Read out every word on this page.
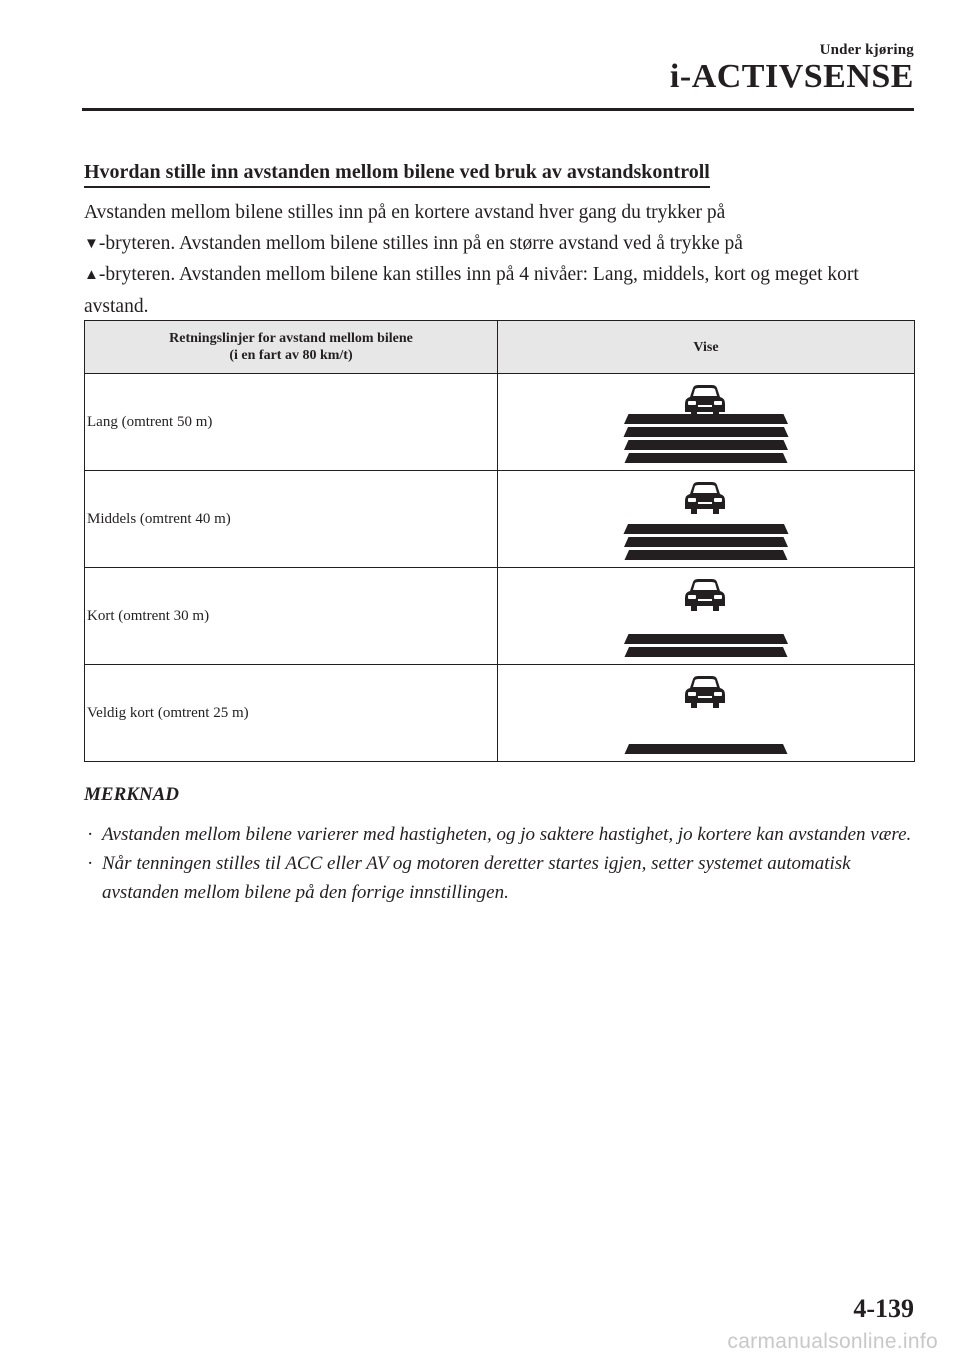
Under kjøring
i-ACTIVSENSE
Hvordan stille inn avstanden mellom bilene ved bruk av avstandskontroll

Avstanden mellom bilene stilles inn på en kortere avstand hver gang du trykker på
▼-bryteren. Avstanden mellom bilene stilles inn på en større avstand ved å trykke på
▲-bryteren. Avstanden mellom bilene kan stilles inn på 4 nivåer: Lang, middels, kort og meget kort avstand.

Retningslinjer for avstand mellom bilene
(i en fart av 80 km/t)	Vise
Lang (omtrent 50 m)	

Middels (omtrent 40 m)	

Kort (omtrent 30 m)	

Veldig kort (omtrent 25 m)	
MERKNAD
· Avstanden mellom bilene varierer med hastigheten, og jo saktere hastighet, jo kortere kan avstanden være.
· Når tenningen stilles til ACC eller AV og motoren deretter startes igjen, setter systemet automatisk avstanden mellom bilene på den forrige innstillingen.
4-139
carmanualsonline.info
